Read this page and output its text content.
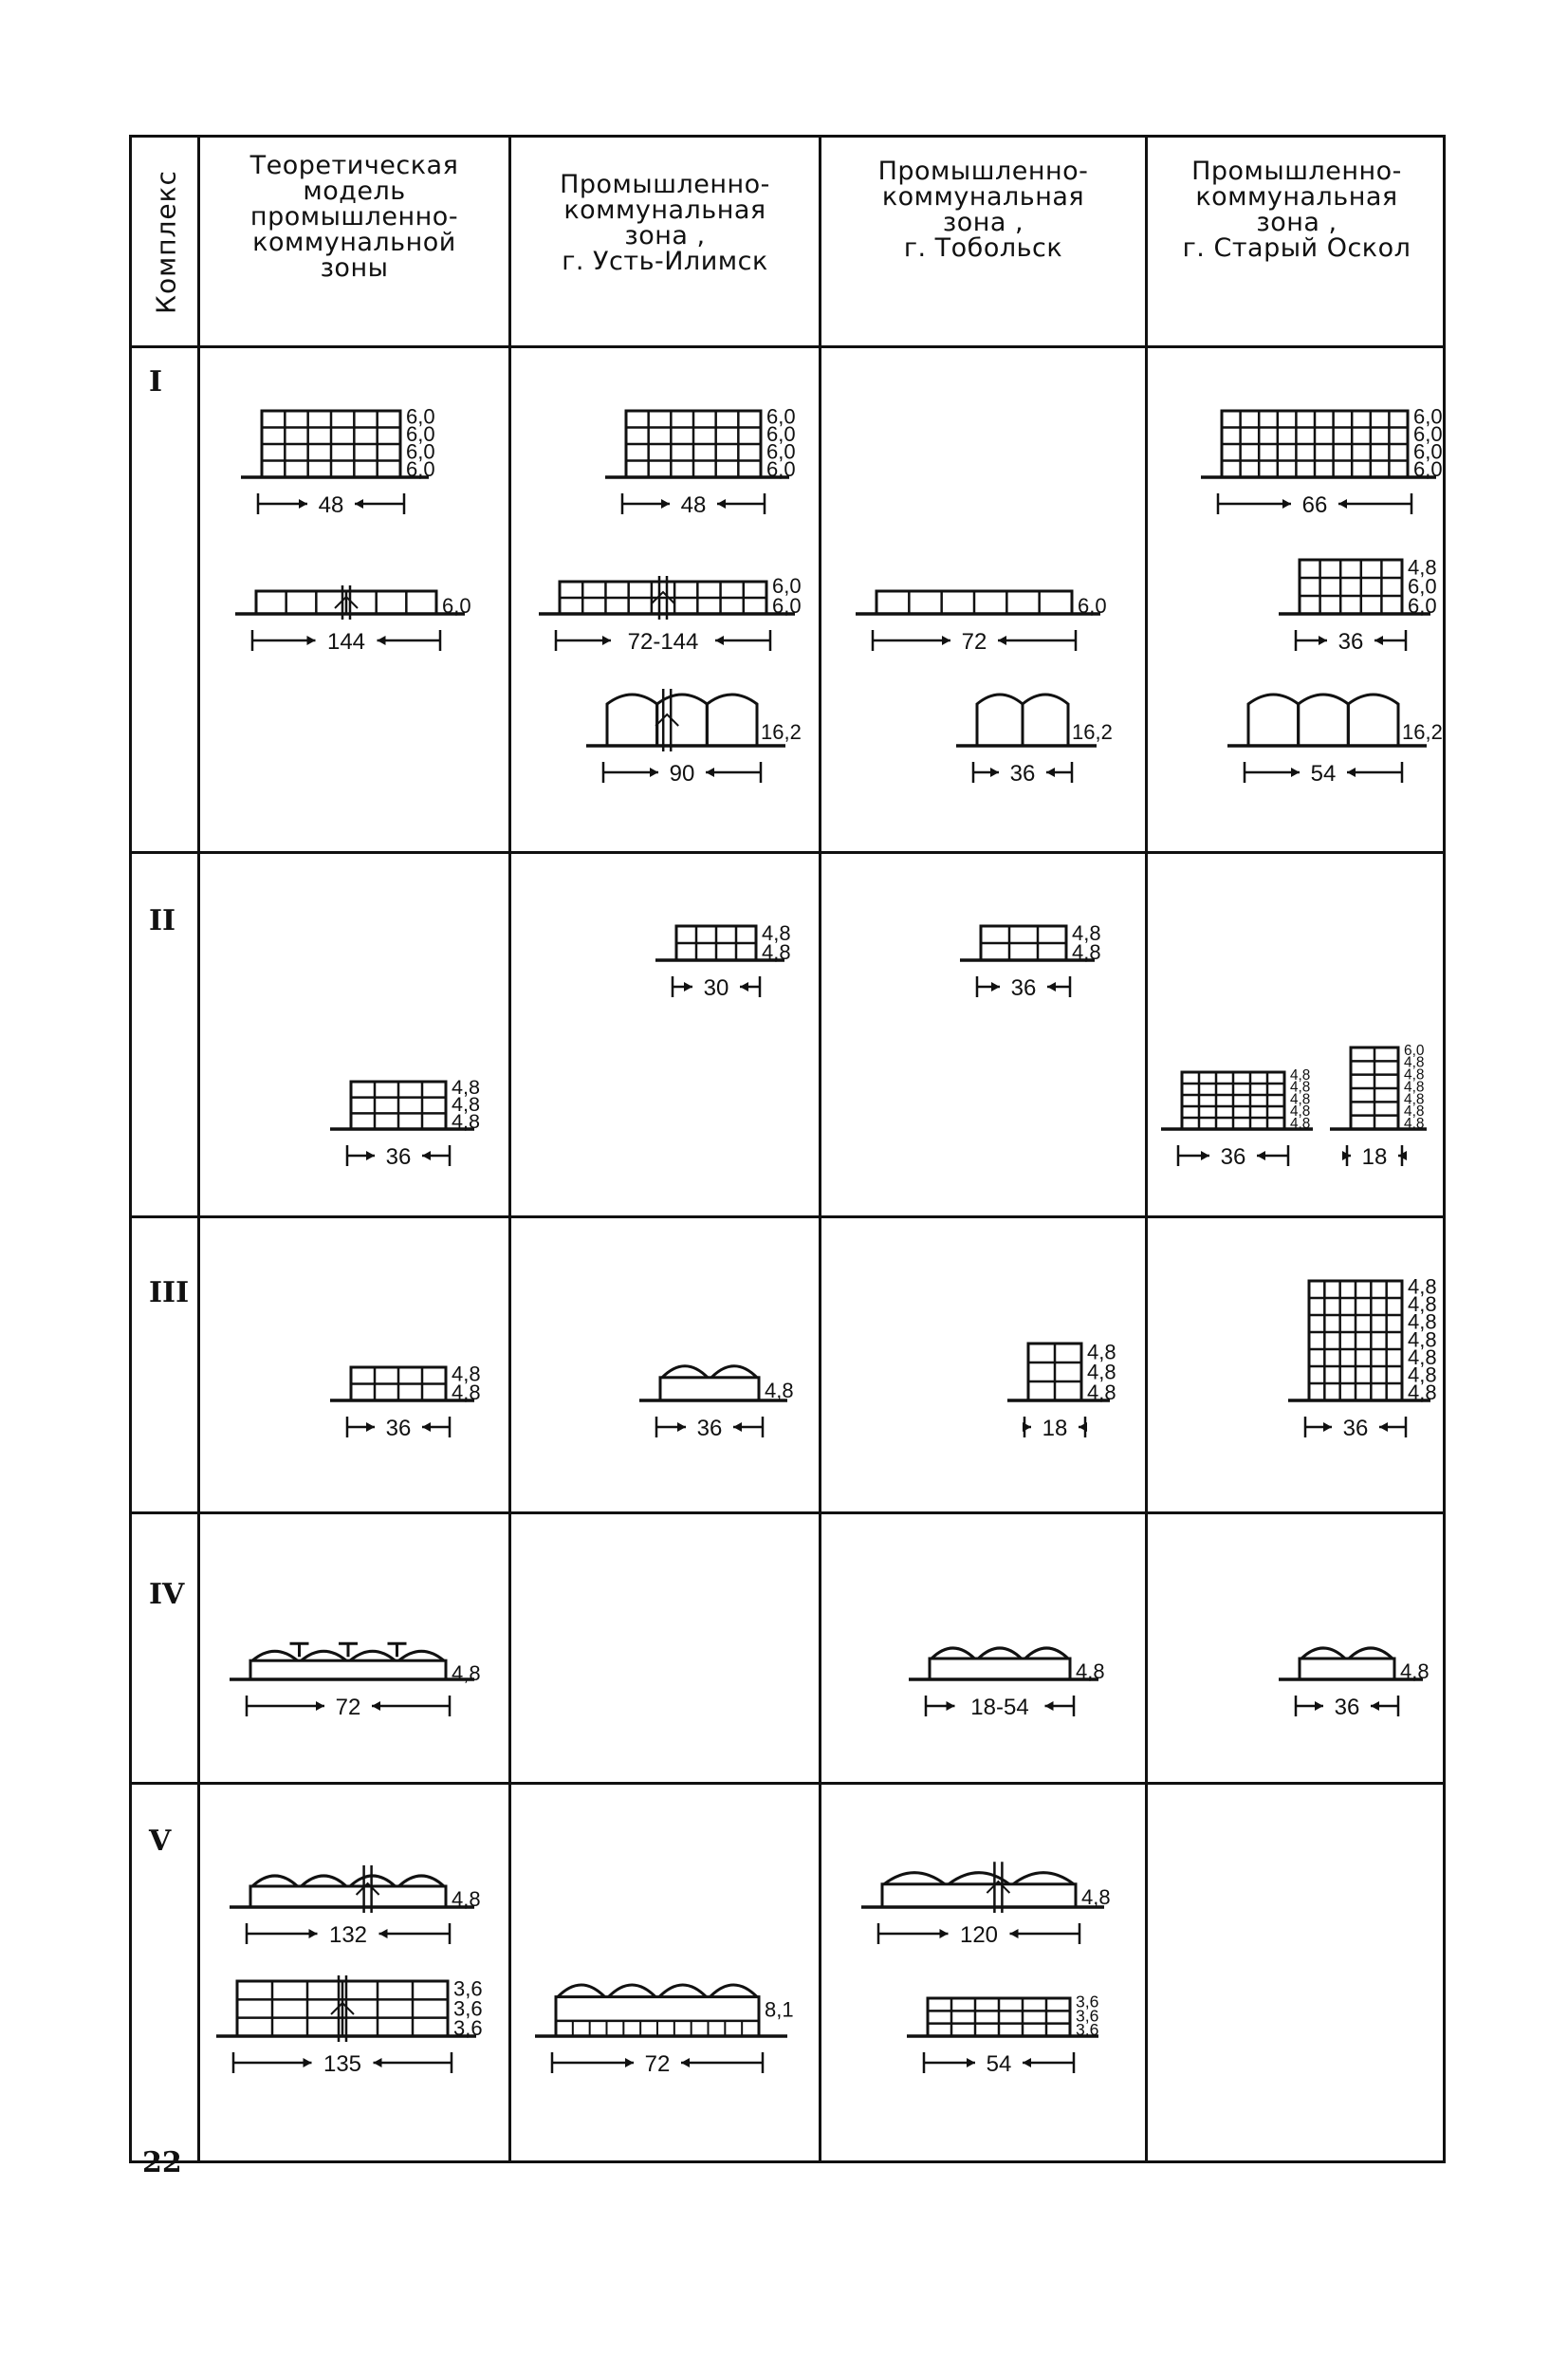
Комплекс
Теоретическая
модель
промышленно-
коммунальной
зоны
Промышленно-
коммунальная
зона ,
г. Усть-Илимск
Промышленно-
коммунальная
зона ,
г. Тобольск
Промышленно-
коммунальная
зона ,
г. Старый Оскол
I
II
III
IV
V
6,0
6,0
6,0
6,0
48
6,0
144
6,0
6,0
6,0
6,0
48
6,0
6,0
72-144
16,2
90
6,0
72
16,2
36
6,0
6,0
6,0
6,0
66
4,8
6,0
6,0
36
16,2
54
4,8
4,8
4,8
36
4,8
4,8
30
4,8
4,8
36
4,8
4,8
4,8
4,8
4,8
36
6,0
4,8
4,8
4,8
4,8
4,8
4,8
18
4,8
4,8
36
4,8
36
4,8
4,8
4,8
18
4,8
4,8
4,8
4,8
4,8
4,8
4,8
36
4,8
72
4,8
18-54
4,8
36
4,8
132
3,6
3,6
3,6
135
8,1
72
4,8
120
3,6
3,6
3,6
54
22
